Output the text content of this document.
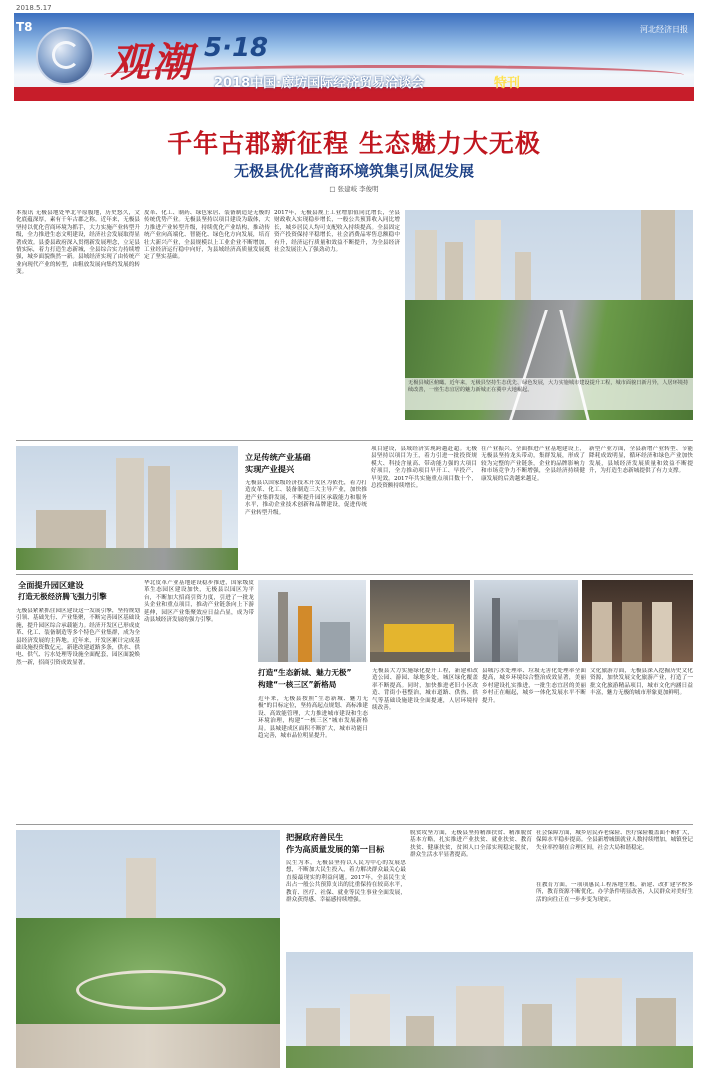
观潮 5·18
2018中国·廊坊国际经济贸易洽谈会	特刊
2018.5.17
T8	河北经济日报
千年古郡新征程 生态魅力大无极
无极县优化营商环境筑集引凤促发展
□ 张建岐 李俊明
本报讯 无极县地处华北平原腹地，历史悠久，文化底蕴深厚，素有千年古郡之称。近年来，无极县坚持以优化营商环境为抓手，大力实施产业转型升级，全力推进生态文明建设，经济社会发展取得显著成效。县委县政府深入贯彻新发展理念，立足县情实际，着力打造生态新城，全县综合实力持续增强，城乡面貌焕然一新。县域经济实现了由传统产业向现代产业的转型，由粗放发展向集约发展的转变。
皮革、化工、制药、绿色家居、装备制造是无极的传统优势产业。无极县坚持以项目建设为载体，大力推进产业转型升级，持续优化产业结构，推动传统产业向高端化、智能化、绿色化方向发展，培育壮大新兴产业，全县规模以上工业企业不断增加，工业经济运行稳中向好，为县域经济高质量发展奠定了坚实基础。
2017年，无极县规上工业增加值同比增长，全县财政收入实现稳步增长，一般公共预算收入同比增长，城乡居民人均可支配收入持续提高。全县固定资产投资保持平稳增长，社会消费品零售总额稳中有升，经济运行质量和效益不断提升，为全县经济社会发展注入了强劲动力。
无极县城区俯瞰。近年来，无极县坚持生态优先、绿色发展，大力实施城市建设提升工程，城市面貌日新月异，人居环境持续改善，一座生态宜居的魅力新城正在冀中大地崛起。
立足传统产业基础
实现产业提兴
无极县以国家级经济技术开发区为依托，着力打造皮革、化工、装备制造三大主导产业，加快推进产业集群发展，不断提升园区承载能力和服务水平，推动企业技术创新和品牌建设，促进传统产业转型升级。
项目建设，县域经济实现跨越赶超。无极县坚持以项目为王，着力引进一批投资规模大、科技含量高、带动能力强的大项目好项目，全力推动项目早开工、早投产、早见效。2017年共实施重点项目数十个，总投资额持续增长。
在产业振兴、全面推进产业基地建设上，无极县坚持龙头带动，集群发展，形成了较为完整的产业链条，企业的品牌影响力和市场竞争力不断增强，全县经济持续健康发展的后劲越来越足。
新型产业方面，全县新增产业转型、节能降耗成效明显，循环经济和绿色产业加快发展，县域经济发展质量和效益不断提升，为打造生态新城提供了有力支撑。
全面提升园区建设
打造无极经济腾飞强力引擎
无极县紧紧抓住园区建设这一发展引擎，坚持规划引领、基础先行、产业集聚，不断完善园区基础设施，提升园区综合承载能力。经济开发区已形成皮革、化工、装备制造等多个特色产业集群，成为全县经济发展的主阵地。近年来，开发区累计完成基础设施投资数亿元，新建改建道路多条，供水、供电、供气、污水处理等设施全面配套，园区面貌焕然一新，招商引资成效显著。
华北皮革产业基地建设稳步推进，国家级皮革生态园区建设加快，无极县以园区为平台，不断加大招商引资力度，引进了一批龙头企业和重点项目，推动产业链条向上下游延伸，园区产业集聚效应日益凸显，成为带动县域经济发展的强力引擎。
打造“生态新城、魅力无极”
构建“一核三区”新格局
近年来，无极县按照“生态新城、魅力无极”的目标定位，坚持高起点规划、高标准建设、高效能管理，大力推进城市建设和生态环境治理，构建“一核三区”城市发展新格局。县城建成区面积不断扩大，城市功能日趋完善，城市品位明显提升。
无极县大力实施绿化提升工程，新建和改造公园、游园、绿地多处，城区绿化覆盖率不断提高。同时，加快推进老旧小区改造、背街小巷整治，城市道路、供热、供气等基础设施建设全面提速，人居环境持续改善。
县城污水处理率、垃圾无害化处理率全面提高，城乡环境综合整治成效显著，美丽乡村建设扎实推进，一批生态宜居的美丽乡村正在崛起，城乡一体化发展水平不断提升。
文化旅游方面，无极县深入挖掘历史文化资源，加快发展文化旅游产业，打造了一批文化旅游精品项目，城市文化内涵日益丰富，魅力无极的城市形象更加鲜明。
把握政府善民生
作为高质量发展的第一目标
民生为本，无极县坚持以人民为中心的发展思想，不断加大民生投入，着力解决群众最关心最直接最现实的利益问题。2017年，全县民生支出占一般公共预算支出的比重保持在较高水平，教育、医疗、社保、就业等民生事业全面发展，群众获得感、幸福感持续增强。
脱贫攻坚方面，无极县坚持精准扶贫、精准脱贫基本方略，扎实推进产业扶贫、就业扶贫、教育扶贫、健康扶贫，贫困人口全部实现稳定脱贫，群众生活水平显著提高。
社会保障方面，城乡居民养老保险、医疗保险覆盖面不断扩大，保障水平稳步提高。全县新增城镇就业人数持续增加，城镇登记失业率控制在合理区间，社会大局和谐稳定。
在教育方面，一项项惠民工程落地生根，新建、改扩建学校多所，教育资源不断优化，办学条件明显改善，人民群众对美好生活的向往正在一步步变为现实。
